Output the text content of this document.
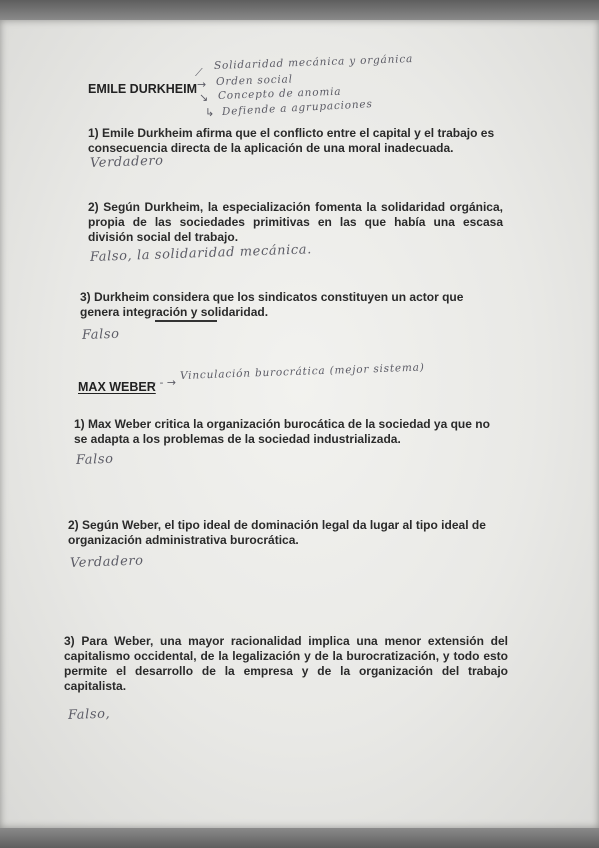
EMILE DURKHEIM
⟋
Solidaridad mecánica y orgánica
→ Orden social
↘ Concepto de anomia
↳ Defiende a agrupaciones

1) Emile Durkheim afirma que el conflicto entre el capital y el trabajo es consecuencia directa de la aplicación de una moral inadecuada.

Verdadero

2) Según Durkheim, la especialización fomenta la solidaridad orgánica, propia de las sociedades primitivas en las que había una escasa división social del trabajo.

Falso, la solidaridad mecánica.

3) Durkheim considera que los sindicatos constituyen un actor que genera integración y solidaridad.

Falso
MAX WEBER
- - →
Vinculación burocrática (mejor sistema)

1) Max Weber critica la organización burocática de la sociedad ya que no se adapta a los problemas de la sociedad industrializada.

Falso

2) Según Weber, el tipo ideal de dominación legal da lugar al tipo ideal de organización administrativa burocrática.

Verdadero

3) Para Weber, una mayor racionalidad implica una menor extensión del capitalismo occidental, de la legalización y de la burocratización, y todo esto permite el desarrollo de la empresa y de la organización del trabajo capitalista.

Falso,
